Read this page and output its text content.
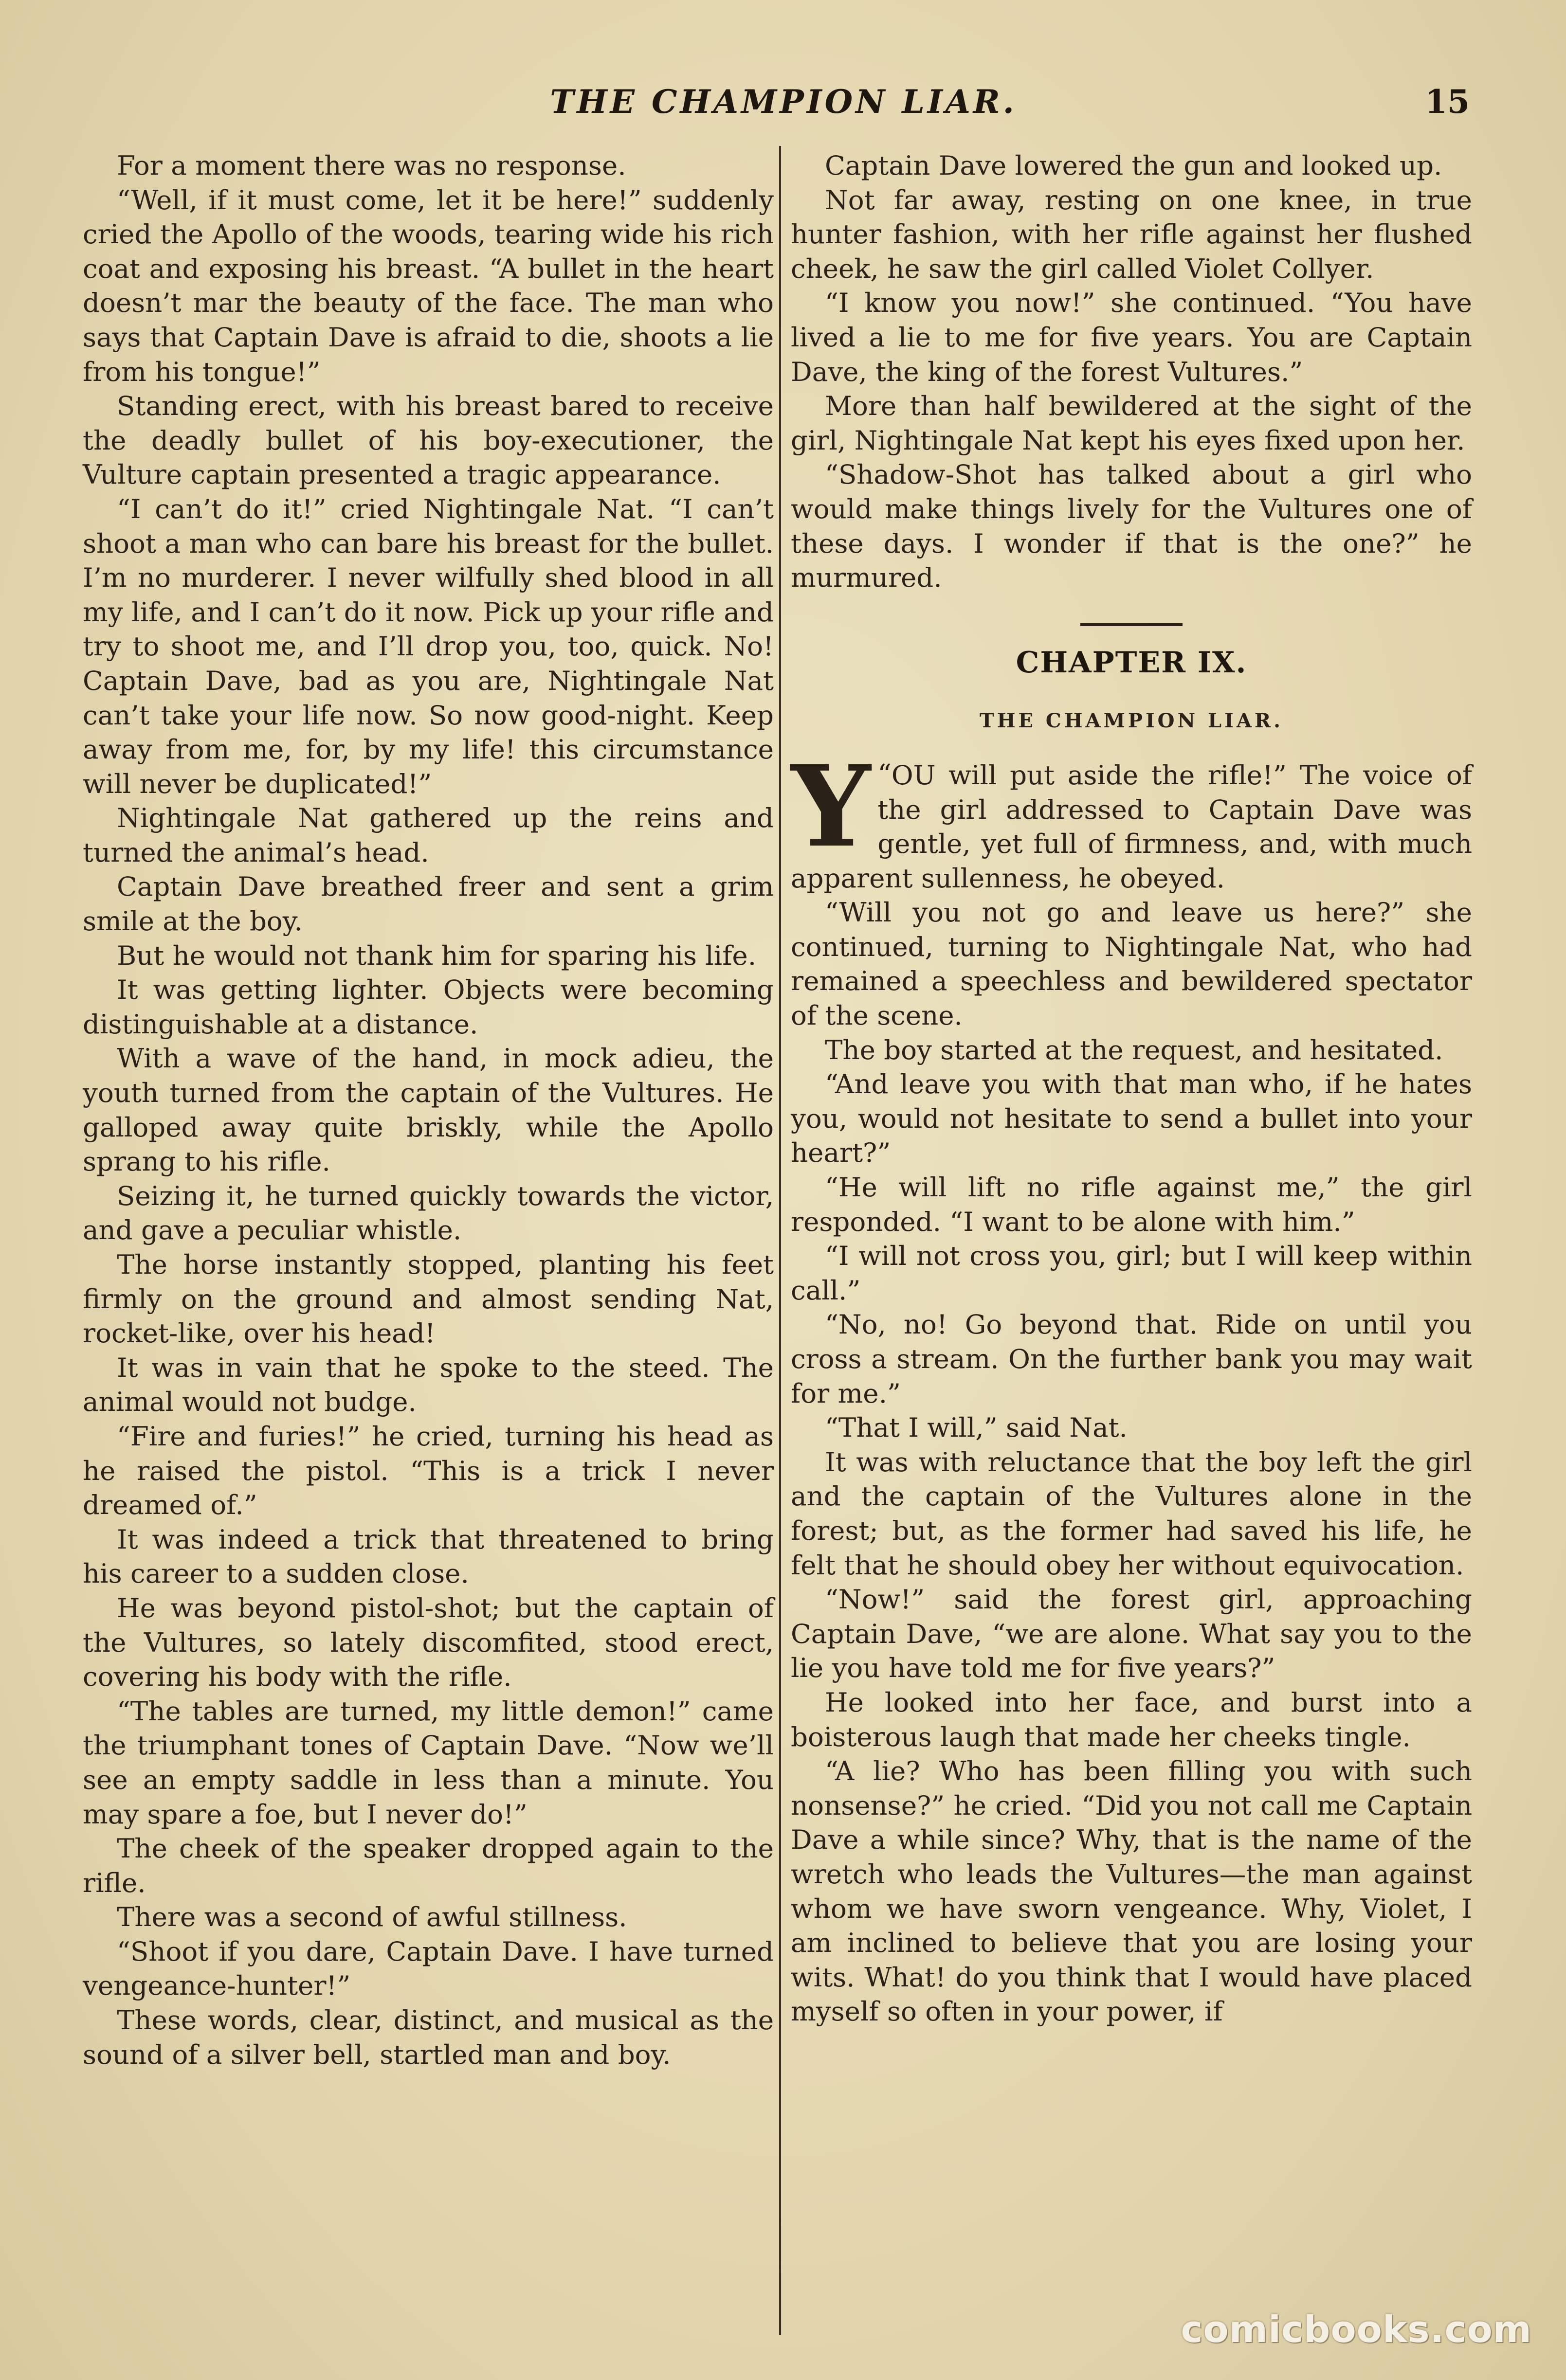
THE CHAMPION LIAR.	15

For a moment there was no response.

“Well, if it must come, let it be here!” suddenly cried the Apollo of the woods, tearing wide his rich coat and exposing his breast. “A bullet in the heart doesn’t mar the beauty of the face. The man who says that Captain Dave is afraid to die, shoots a lie from his tongue!”

Standing erect, with his breast bared to receive the deadly bullet of his boy-executioner, the Vulture captain presented a tragic appearance.

“I can’t do it!” cried Nightingale Nat. “I can’t shoot a man who can bare his breast for the bullet. I’m no murderer. I never wilfully shed blood in all my life, and I can’t do it now. Pick up your rifle and try to shoot me, and I’ll drop you, too, quick. No! Captain Dave, bad as you are, Nightingale Nat can’t take your life now. So now good-night. Keep away from me, for, by my life! this circumstance will never be duplicated!”

Nightingale Nat gathered up the reins and turned the animal’s head.

Captain Dave breathed freer and sent a grim smile at the boy.

But he would not thank him for sparing his life.

It was getting lighter. Objects were becoming distinguishable at a distance.

With a wave of the hand, in mock adieu, the youth turned from the captain of the Vultures. He galloped away quite briskly, while the Apollo sprang to his rifle.

Seizing it, he turned quickly towards the victor, and gave a peculiar whistle.

The horse instantly stopped, planting his feet firmly on the ground and almost sending Nat, rocket-like, over his head!

It was in vain that he spoke to the steed. The animal would not budge.

“Fire and furies!” he cried, turning his head as he raised the pistol. “This is a trick I never dreamed of.”

It was indeed a trick that threatened to bring his career to a sudden close.

He was beyond pistol-shot; but the captain of the Vultures, so lately discomfited, stood erect, covering his body with the rifle.

“The tables are turned, my little demon!” came the triumphant tones of Captain Dave. “Now we’ll see an empty saddle in less than a minute. You may spare a foe, but I never do!”

The cheek of the speaker dropped again to the rifle.

There was a second of awful stillness.

“Shoot if you dare, Captain Dave. I have turned vengeance-hunter!”

These words, clear, distinct, and musical as the sound of a silver bell, startled man and boy.

Captain Dave lowered the gun and looked up.

Not far away, resting on one knee, in true hunter fashion, with her rifle against her flushed cheek, he saw the girl called Violet Collyer.

“I know you now!” she continued. “You have lived a lie to me for five years. You are Captain Dave, the king of the forest Vultures.”

More than half bewildered at the sight of the girl, Nightingale Nat kept his eyes fixed upon her.

“Shadow-Shot has talked about a girl who would make things lively for the Vultures one of these days. I wonder if that is the one?” he murmured.

CHAPTER IX.
THE CHAMPION LIAR.

“
Y OU will put aside the rifle!” The voice of the girl addressed to Captain Dave was gentle, yet full of firmness, and, with much apparent sullenness, he obeyed.

“Will you not go and leave us here?” she continued, turning to Nightingale Nat, who had remained a speechless and bewildered spectator of the scene.

The boy started at the request, and hesitated.

“And leave you with that man who, if he hates you, would not hesitate to send a bullet into your heart?”

“He will lift no rifle against me,” the girl responded. “I want to be alone with him.”

“I will not cross you, girl; but I will keep within call.”

“No, no! Go beyond that. Ride on until you cross a stream. On the further bank you may wait for me.”

“That I will,” said Nat.

It was with reluctance that the boy left the girl and the captain of the Vultures alone in the forest; but, as the former had saved his life, he felt that he should obey her without equivocation.

“Now!” said the forest girl, approaching Captain Dave, “we are alone. What say you to the lie you have told me for five years?”

He looked into her face, and burst into a boisterous laugh that made her cheeks tingle.

“A lie? Who has been filling you with such nonsense?” he cried. “Did you not call me Captain Dave a while since? Why, that is the name of the wretch who leads the Vultures—the man against whom we have sworn vengeance. Why, Violet, I am inclined to believe that you are losing your wits. What! do you think that I would have placed myself so often in your power, if

comicbooks.com
